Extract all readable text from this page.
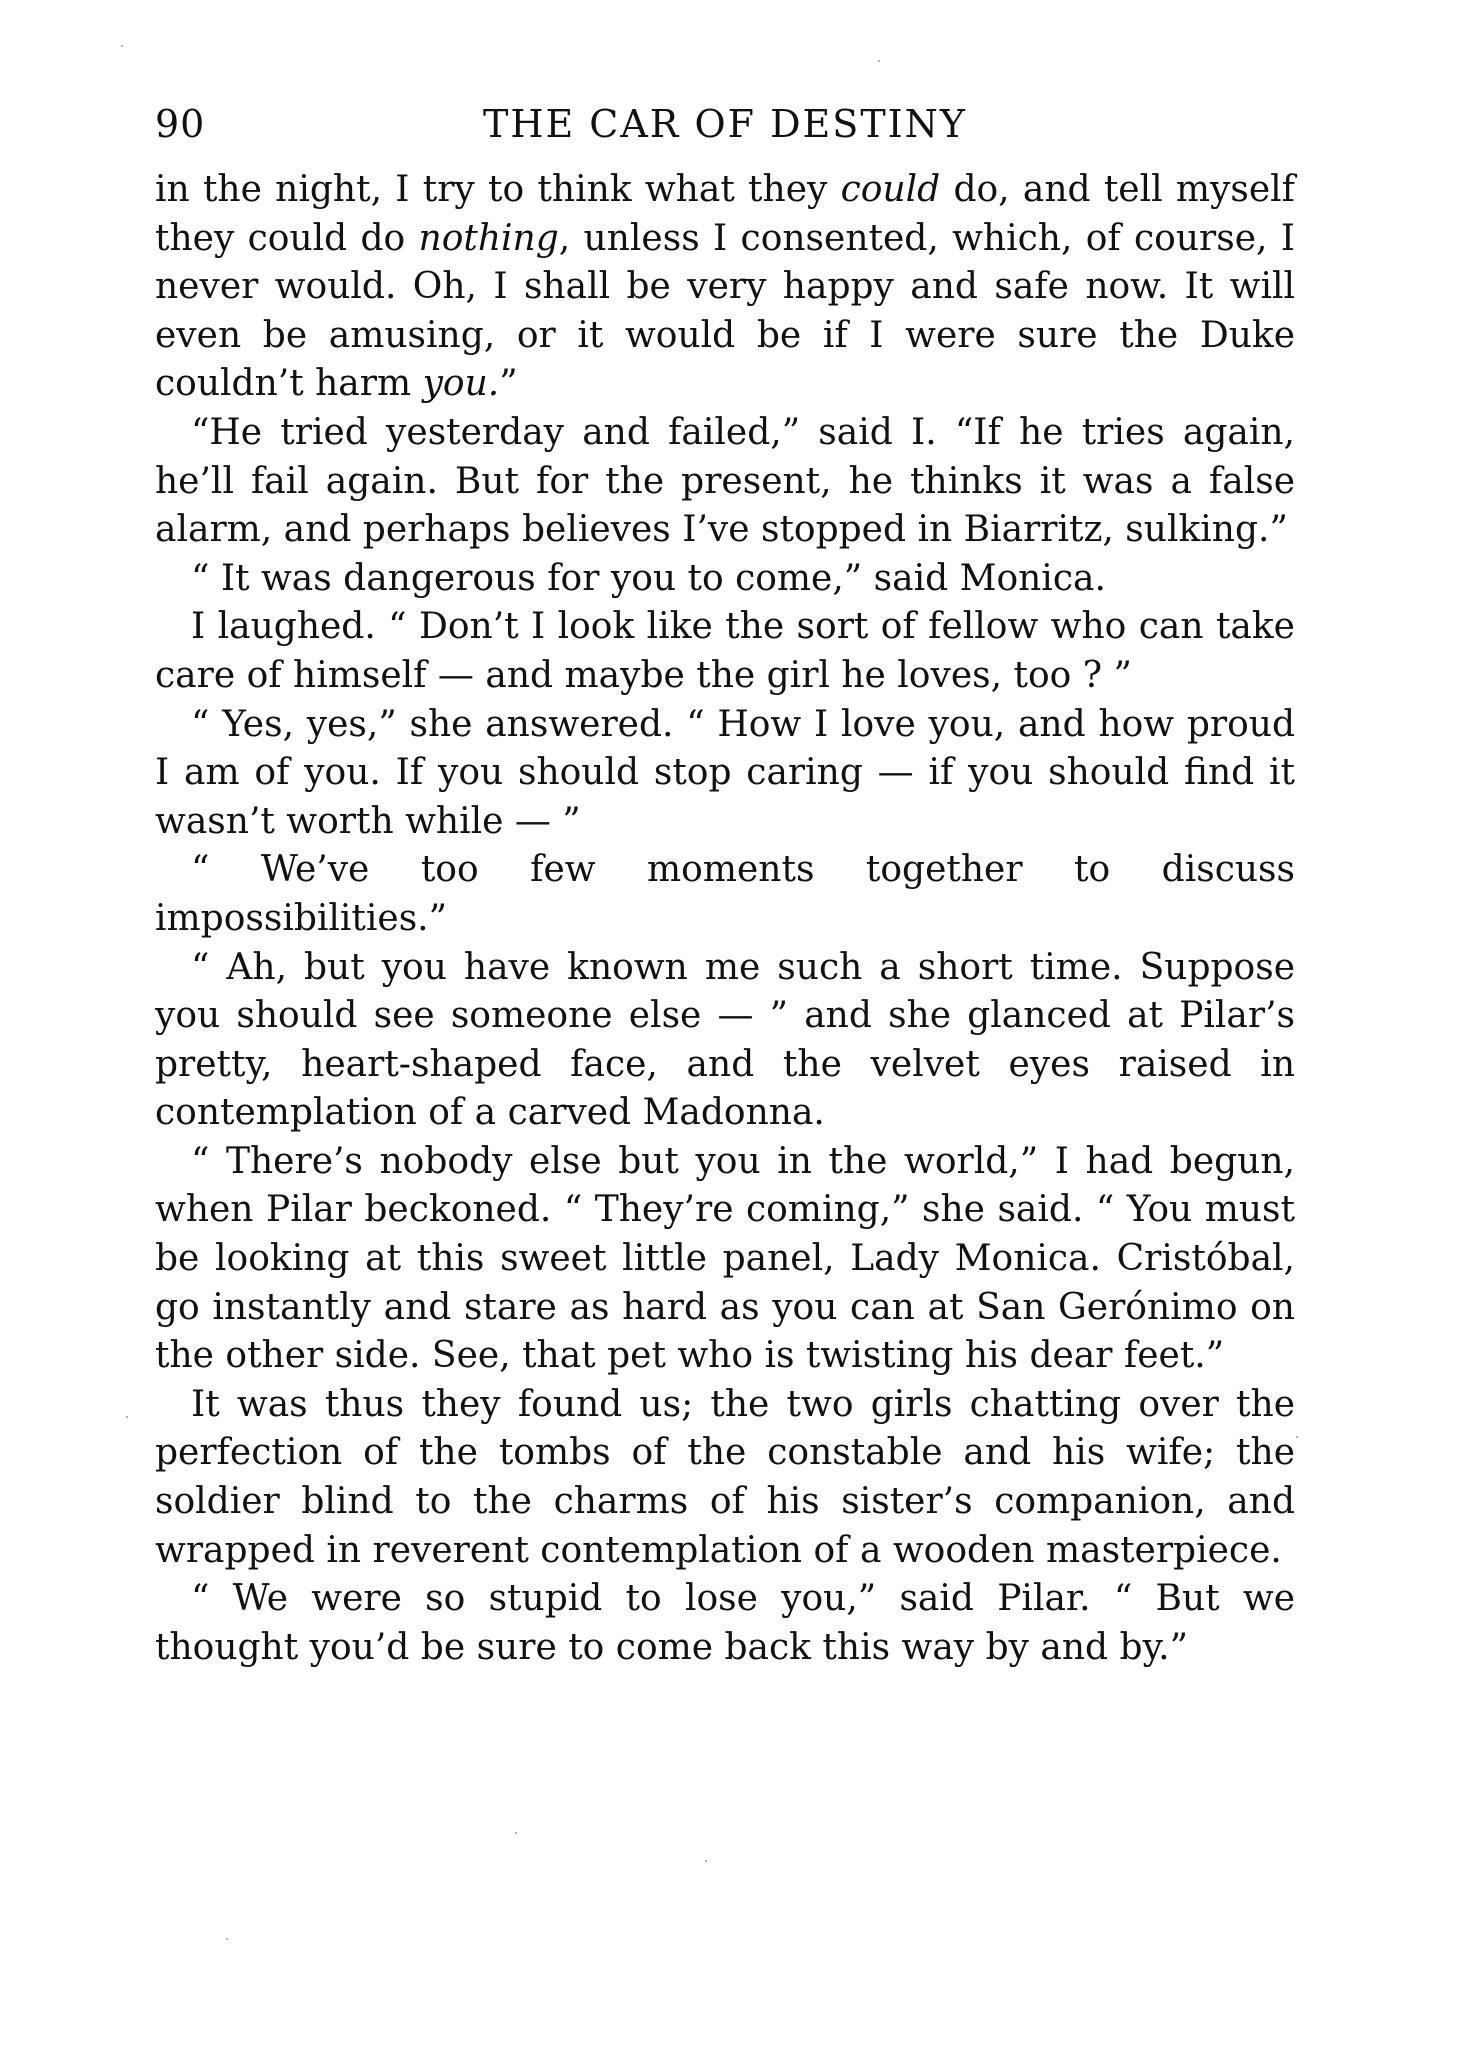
90	THE CAR OF DESTINY

in the night, I try to think what they could do, and tell myself they could do nothing, unless I consented, which, of course, I never would. Oh, I shall be very happy and safe now. It will even be amusing, or it would be if I were sure the Duke couldn’t harm you.”

“He tried yesterday and failed,” said I. “If he tries again, he’ll fail again. But for the present, he thinks it was a false alarm, and perhaps believes I’ve stopped in Biarritz, sulking.”

“ It was dangerous for you to come,” said Monica.

I laughed. “ Don’t I look like the sort of fellow who can take care of himself — and maybe the girl he loves, too ? ”

“ Yes, yes,” she answered. “ How I love you, and how proud I am of you. If you should stop caring — if you should find it wasn’t worth while — ”

“ We’ve too few moments together to discuss impossibilities.”

“ Ah, but you have known me such a short time. Suppose you should see someone else — ” and she glanced at Pilar’s pretty, heart-shaped face, and the velvet eyes raised in contemplation of a carved Madonna.

“ There’s nobody else but you in the world,” I had begun, when Pilar beckoned. “ They’re coming,” she said. “ You must be looking at this sweet little panel, Lady Monica. Cristóbal, go instantly and stare as hard as you can at San Gerónimo on the other side. See, that pet who is twisting his dear feet.”

It was thus they found us; the two girls chatting over the perfection of the tombs of the constable and his wife; the soldier blind to the charms of his sister’s companion, and wrapped in reverent contemplation of a wooden masterpiece.

“ We were so stupid to lose you,” said Pilar. “ But we thought you’d be sure to come back this way by and by.”
